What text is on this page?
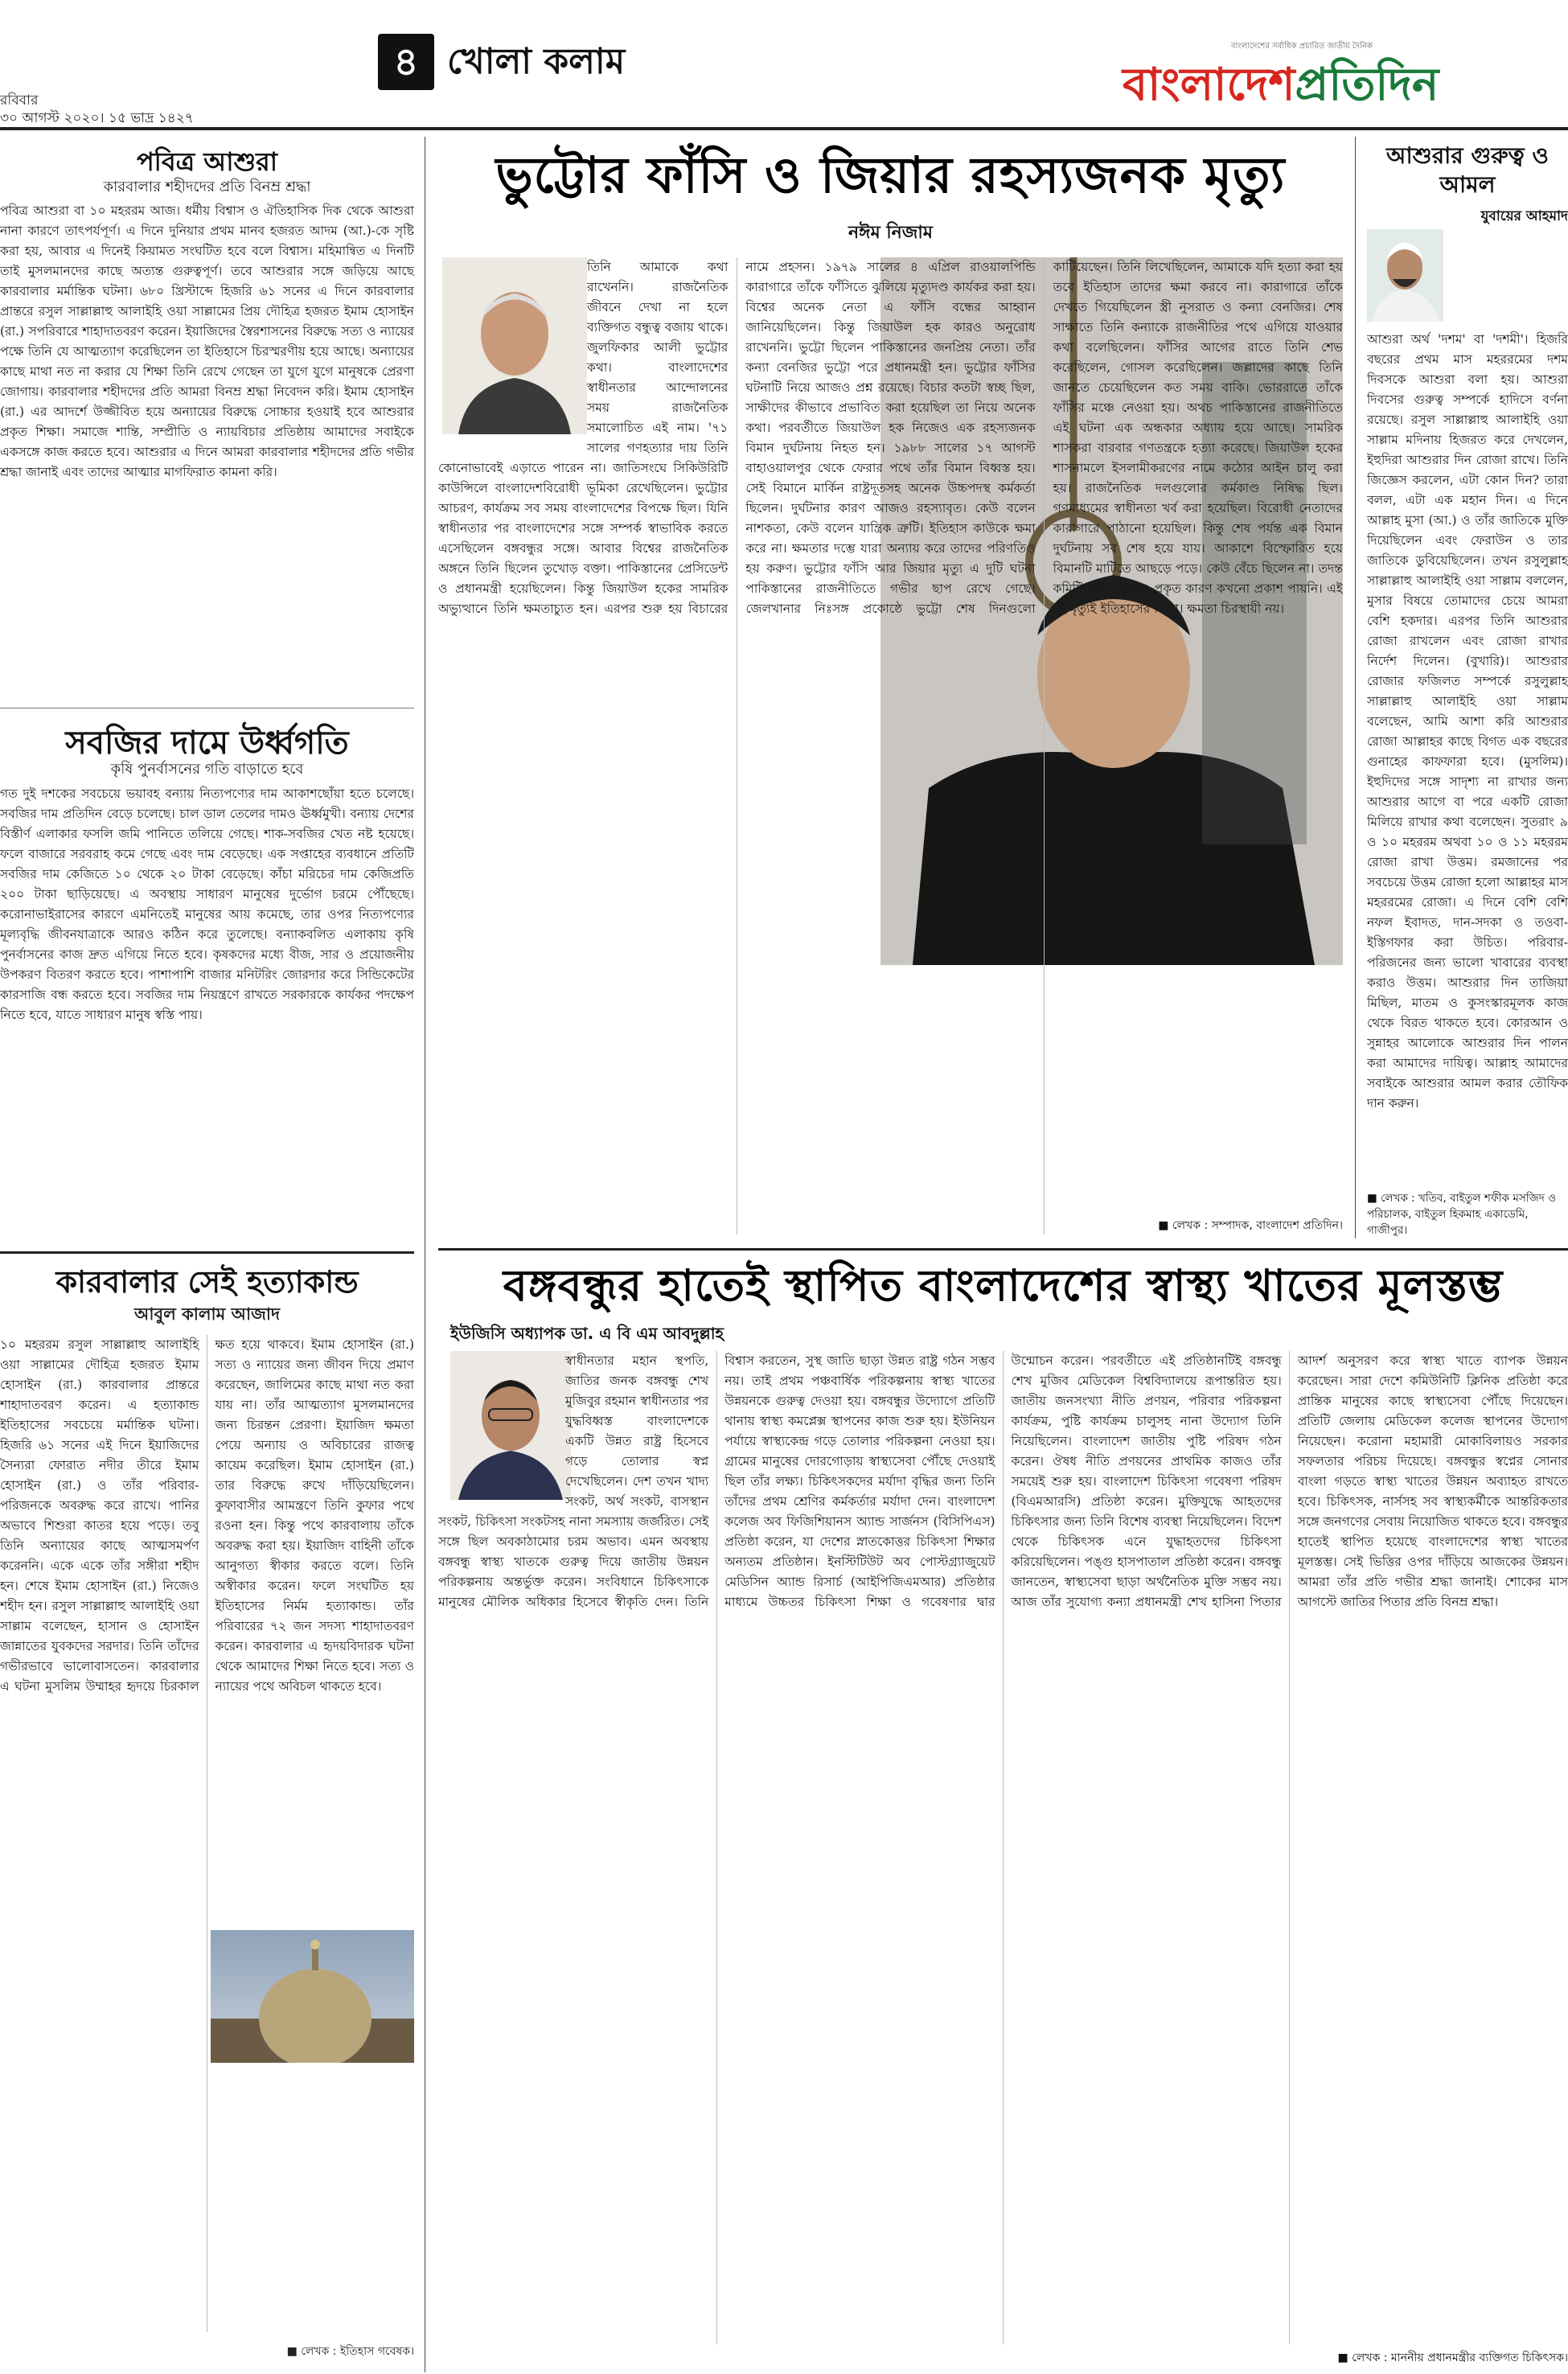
৪ খোলা কলাম
রবিবার
৩০ আগস্ট ২০২০। ১৫ ভাদ্র ১৪২৭
বাংলাদেশের সর্বাধিক প্রচারিত জাতীয় দৈনিক
বাংলাদেশপ্রতিদিন
পবিত্র আশুরা
কারবালার শহীদদের প্রতি বিনম্র শ্রদ্ধা
পবিত্র আশুরা বা ১০ মহররম আজ। ধর্মীয় বিশ্বাস ও ঐতিহাসিক দিক থেকে আশুরা নানা কারণে তাৎপর্যপূর্ণ। এ দিনে দুনিয়ার প্রথম মানব হজরত আদম (আ.)-কে সৃষ্টি করা হয়, আবার এ দিনেই কিয়ামত সংঘটিত হবে বলে বিশ্বাস। মহিমান্বিত এ দিনটি তাই মুসলমানদের কাছে অত্যন্ত গুরুত্বপূর্ণ। তবে আশুরার সঙ্গে জড়িয়ে আছে কারবালার মর্মান্তিক ঘটনা। ৬৮০ খ্রিস্টাব্দে হিজরি ৬১ সনের এ দিনে কারবালার প্রান্তরে রসুল সাল্লাল্লাহু আলাইহি ওয়া সাল্লামের প্রিয় দৌহিত্র হজরত ইমাম হোসাইন (রা.) সপরিবারে শাহাদাতবরণ করেন। ইয়াজিদের স্বৈরশাসনের বিরুদ্ধে সত্য ও ন্যায়ের পক্ষে তিনি যে আত্মত্যাগ করেছিলেন তা ইতিহাসে চিরস্মরণীয় হয়ে আছে। অন্যায়ের কাছে মাথা নত না করার যে শিক্ষা তিনি রেখে গেছেন তা যুগে যুগে মানুষকে প্রেরণা জোগায়। কারবালার শহীদদের প্রতি আমরা বিনম্র শ্রদ্ধা নিবেদন করি। ইমাম হোসাইন (রা.) এর আদর্শে উজ্জীবিত হয়ে অন্যায়ের বিরুদ্ধে সোচ্চার হওয়াই হবে আশুরার প্রকৃত শিক্ষা। সমাজে শান্তি, সম্প্রীতি ও ন্যায়বিচার প্রতিষ্ঠায় আমাদের সবাইকে একসঙ্গে কাজ করতে হবে। আশুরার এ দিনে আমরা কারবালার শহীদদের প্রতি গভীর শ্রদ্ধা জানাই এবং তাদের আত্মার মাগফিরাত কামনা করি।
সবজির দামে উর্ধ্বগতি
কৃষি পুনর্বাসনের গতি বাড়াতে হবে
গত দুই দশকের সবচেয়ে ভয়াবহ বন্যায় নিত্যপণ্যের দাম আকাশছোঁয়া হতে চলেছে। সবজির দাম প্রতিদিন বেড়ে চলেছে। চাল ডাল তেলের দামও ঊর্ধ্বমুখী। বন্যায় দেশের বিস্তীর্ণ এলাকার ফসলি জমি পানিতে তলিয়ে গেছে। শাক-সবজির খেত নষ্ট হয়েছে। ফলে বাজারে সরবরাহ কমে গেছে এবং দাম বেড়েছে। এক সপ্তাহের ব্যবধানে প্রতিটি সবজির দাম কেজিতে ১০ থেকে ২০ টাকা বেড়েছে। কাঁচা মরিচের দাম কেজিপ্রতি ২০০ টাকা ছাড়িয়েছে। এ অবস্থায় সাধারণ মানুষের দুর্ভোগ চরমে পৌঁছেছে। করোনাভাইরাসের কারণে এমনিতেই মানুষের আয় কমেছে, তার ওপর নিত্যপণ্যের মূল্যবৃদ্ধি জীবনযাত্রাকে আরও কঠিন করে তুলেছে। বন্যাকবলিত এলাকায় কৃষি পুনর্বাসনের কাজ দ্রুত এগিয়ে নিতে হবে। কৃষকদের মধ্যে বীজ, সার ও প্রয়োজনীয় উপকরণ বিতরণ করতে হবে। পাশাপাশি বাজার মনিটরিং জোরদার করে সিন্ডিকেটের কারসাজি বন্ধ করতে হবে। সবজির দাম নিয়ন্ত্রণে রাখতে সরকারকে কার্যকর পদক্ষেপ নিতে হবে, যাতে সাধারণ মানুষ স্বস্তি পায়।
কারবালার সেই হত্যাকান্ড
আবুল কালাম আজাদ
১০ মহররম রসুল সাল্লাল্লাহু আলাইহি ওয়া সাল্লামের দৌহিত্র হজরত ইমাম হোসাইন (রা.) কারবালার প্রান্তরে শাহাদাতবরণ করেন। এ হত্যাকান্ড ইতিহাসের সবচেয়ে মর্মান্তিক ঘটনা। হিজরি ৬১ সনের এই দিনে ইয়াজিদের সৈন্যরা ফোরাত নদীর তীরে ইমাম হোসাইন (রা.) ও তাঁর পরিবার-পরিজনকে অবরুদ্ধ করে রাখে। পানির অভাবে শিশুরা কাতর হয়ে পড়ে। তবু তিনি অন্যায়ের কাছে আত্মসমর্পণ করেননি। একে একে তাঁর সঙ্গীরা শহীদ হন। শেষে ইমাম হোসাইন (রা.) নিজেও শহীদ হন। রসুল সাল্লাল্লাহু আলাইহি ওয়া সাল্লাম বলেছেন, হাসান ও হোসাইন জান্নাতের যুবকদের সরদার। তিনি তাঁদের গভীরভাবে ভালোবাসতেন। কারবালার এ ঘটনা মুসলিম উম্মাহর হৃদয়ে চিরকাল ক্ষত হয়ে থাকবে। ইমাম হোসাইন (রা.) সত্য ও ন্যায়ের জন্য জীবন দিয়ে প্রমাণ করেছেন, জালিমের কাছে মাথা নত করা যায় না। তাঁর আত্মত্যাগ মুসলমানদের জন্য চিরন্তন প্রেরণা। ইয়াজিদ ক্ষমতা পেয়ে অন্যায় ও অবিচারের রাজত্ব কায়েম করেছিল। ইমাম হোসাইন (রা.) তার বিরুদ্ধে রুখে দাঁড়িয়েছিলেন। কুফাবাসীর আমন্ত্রণে তিনি কুফার পথে রওনা হন। কিন্তু পথে কারবালায় তাঁকে অবরুদ্ধ করা হয়। ইয়াজিদ বাহিনী তাঁকে আনুগত্য স্বীকার করতে বলে। তিনি অস্বীকার করেন। ফলে সংঘটিত হয় ইতিহাসের নির্মম হত্যাকান্ড। তাঁর পরিবারের ৭২ জন সদস্য শাহাদাতবরণ করেন। কারবালার এ হৃদয়বিদারক ঘটনা থেকে আমাদের শিক্ষা নিতে হবে। সত্য ও ন্যায়ের পথে অবিচল থাকতে হবে।
■ লেখক : ইতিহাস গবেষক।
ভুট্টোর ফাঁসি ও জিয়ার রহস্যজনক মৃত্যু
নঈম নিজাম
তিনি আমাকে কথা রাখেননি। রাজনৈতিক জীবনে দেখা না হলে ব্যক্তিগত বন্ধুত্ব বজায় থাকে। জুলফিকার আলী ভুট্টোর কথা। বাংলাদেশের স্বাধীনতার আন্দোলনের সময় রাজনৈতিক সমালোচিত এই নাম। '৭১ সালের গণহত্যার দায় তিনি কোনোভাবেই এড়াতে পারেন না। জাতিসংঘে সিকিউরিটি কাউন্সিলে বাংলাদেশবিরোধী ভূমিকা রেখেছিলেন। ভুট্টোর আচরণ, কার্যক্রম সব সময় বাংলাদেশের বিপক্ষে ছিল। যিনি স্বাধীনতার পর বাংলাদেশের সঙ্গে সম্পর্ক স্বাভাবিক করতে এসেছিলেন বঙ্গবন্ধুর সঙ্গে। আবার বিশ্বের রাজনৈতিক অঙ্গনে তিনি ছিলেন তুখোড় বক্তা। পাকিস্তানের প্রেসিডেন্ট ও প্রধানমন্ত্রী হয়েছিলেন। কিন্তু জিয়াউল হকের সামরিক অভ্যুত্থানে তিনি ক্ষমতাচ্যুত হন। এরপর শুরু হয় বিচারের নামে প্রহসন। ১৯৭৯ সালের ৪ এপ্রিল রাওয়ালপিন্ডি কারাগারে তাঁকে ফাঁসিতে ঝুলিয়ে মৃত্যুদণ্ড কার্যকর করা হয়। বিশ্বের অনেক নেতা এ ফাঁসি বন্ধের আহ্বান জানিয়েছিলেন। কিন্তু জিয়াউল হক কারও অনুরোধ রাখেননি। ভুট্টো ছিলেন পাকিস্তানের জনপ্রিয় নেতা। তাঁর কন্যা বেনজির ভুট্টো পরে প্রধানমন্ত্রী হন। ভুট্টোর ফাঁসির ঘটনাটি নিয়ে আজও প্রশ্ন রয়েছে। বিচার কতটা স্বচ্ছ ছিল, সাক্ষীদের কীভাবে প্রভাবিত করা হয়েছিল তা নিয়ে অনেক কথা। পরবর্তীতে জিয়াউল হক নিজেও এক রহস্যজনক বিমান দুর্ঘটনায় নিহত হন। ১৯৮৮ সালের ১৭ আগস্ট বাহাওয়ালপুর থেকে ফেরার পথে তাঁর বিমান বিধ্বস্ত হয়। সেই বিমানে মার্কিন রাষ্ট্রদূতসহ অনেক উচ্চপদস্থ কর্মকর্তা ছিলেন। দুর্ঘটনার কারণ আজও রহস্যাবৃত। কেউ বলেন নাশকতা, কেউ বলেন যান্ত্রিক ত্রুটি। ইতিহাস কাউকে ক্ষমা করে না। ক্ষমতার দম্ভে যারা অন্যায় করে তাদের পরিণতিও হয় করুণ। ভুট্টোর ফাঁসি আর জিয়ার মৃত্যু এ দুটি ঘটনা পাকিস্তানের রাজনীতিতে গভীর ছাপ রেখে গেছে। জেলখানার নিঃসঙ্গ প্রকোষ্ঠে ভুট্টো শেষ দিনগুলো কাটিয়েছেন। তিনি লিখেছিলেন, আমাকে যদি হত্যা করা হয় তবে ইতিহাস তাদের ক্ষমা করবে না। কারাগারে তাঁকে দেখতে গিয়েছিলেন স্ত্রী নুসরাত ও কন্যা বেনজির। শেষ সাক্ষাতে তিনি কন্যাকে রাজনীতির পথে এগিয়ে যাওয়ার কথা বলেছিলেন। ফাঁসির আগের রাতে তিনি শেভ করেছিলেন, গোসল করেছিলেন। জল্লাদের কাছে তিনি জানতে চেয়েছিলেন কত সময় বাকি। ভোররাতে তাঁকে ফাঁসির মঞ্চে নেওয়া হয়। অথচ পাকিস্তানের রাজনীতিতে এই ঘটনা এক অন্ধকার অধ্যায় হয়ে আছে। সামরিক শাসকরা বারবার গণতন্ত্রকে হত্যা করেছে। জিয়াউল হকের শাসনামলে ইসলামীকরণের নামে কঠোর আইন চালু করা হয়। রাজনৈতিক দলগুলোর কর্মকাণ্ড নিষিদ্ধ ছিল। গণমাধ্যমের স্বাধীনতা খর্ব করা হয়েছিল। বিরোধী নেতাদের কারাগারে পাঠানো হয়েছিল। কিন্তু শেষ পর্যন্ত এক বিমান দুর্ঘটনায় সব শেষ হয়ে যায়। আকাশে বিস্ফোরিত হয়ে বিমানটি মাটিতে আছড়ে পড়ে। কেউ বেঁচে ছিলেন না। তদন্ত কমিটি গঠিত হলেও প্রকৃত কারণ কখনো প্রকাশ পায়নি। এই দুই মৃত্যুই ইতিহাসের শিক্ষা। ক্ষমতা চিরস্থায়ী নয়।
■ লেখক : সম্পাদক, বাংলাদেশ প্রতিদিন।
আশুরার গুরুত্ব ও আমল
যুবায়ের আহমাদ
আশুরা অর্থ 'দশম' বা 'দশমী'। হিজরি বছরের প্রথম মাস মহররমের দশম দিবসকে আশুরা বলা হয়। আশুরা দিবসের গুরুত্ব সম্পর্কে হাদিসে বর্ণনা রয়েছে। রসুল সাল্লাল্লাহু আলাইহি ওয়া সাল্লাম মদিনায় হিজরত করে দেখলেন, ইহুদিরা আশুরার দিন রোজা রাখে। তিনি জিজ্ঞেস করলেন, এটা কোন দিন? তারা বলল, এটা এক মহান দিন। এ দিনে আল্লাহ মুসা (আ.) ও তাঁর জাতিকে মুক্তি দিয়েছিলেন এবং ফেরাউন ও তার জাতিকে ডুবিয়েছিলেন। তখন রসুলুল্লাহ সাল্লাল্লাহু আলাইহি ওয়া সাল্লাম বললেন, মুসার বিষয়ে তোমাদের চেয়ে আমরা বেশি হকদার। এরপর তিনি আশুরার রোজা রাখলেন এবং রোজা রাখার নির্দেশ দিলেন। (বুখারি)। আশুরার রোজার ফজিলত সম্পর্কে রসুলুল্লাহ সাল্লাল্লাহু আলাইহি ওয়া সাল্লাম বলেছেন, আমি আশা করি আশুরার রোজা আল্লাহর কাছে বিগত এক বছরের গুনাহের কাফফারা হবে। (মুসলিম)। ইহুদিদের সঙ্গে সাদৃশ্য না রাখার জন্য আশুরার আগে বা পরে একটি রোজা মিলিয়ে রাখার কথা বলেছেন। সুতরাং ৯ ও ১০ মহররম অথবা ১০ ও ১১ মহররম রোজা রাখা উত্তম। রমজানের পর সবচেয়ে উত্তম রোজা হলো আল্লাহর মাস মহররমের রোজা। এ দিনে বেশি বেশি নফল ইবাদত, দান-সদকা ও তওবা-ইস্তিগফার করা উচিত। পরিবার-পরিজনের জন্য ভালো খাবারের ব্যবস্থা করাও উত্তম। আশুরার দিন তাজিয়া মিছিল, মাতম ও কুসংস্কারমূলক কাজ থেকে বিরত থাকতে হবে। কোরআন ও সুন্নাহর আলোকে আশুরার দিন পালন করা আমাদের দায়িত্ব। আল্লাহ আমাদের সবাইকে আশুরার আমল করার তৌফিক দান করুন।
■ লেখক : খতিব, বাইতুল শফীক মসজিদ ও পরিচালক, বাইতুল হিকমাহ একাডেমি, গাজীপুর।
বঙ্গবন্ধুর হাতেই স্থাপিত বাংলাদেশের স্বাস্থ্য খাতের মূলস্তম্ভ
ইউজিসি অধ্যাপক ডা. এ বি এম আবদুল্লাহ
স্বাধীনতার মহান স্থপতি, জাতির জনক বঙ্গবন্ধু শেখ মুজিবুর রহমান স্বাধীনতার পর যুদ্ধবিধ্বস্ত বাংলাদেশকে একটি উন্নত রাষ্ট্র হিসেবে গড়ে তোলার স্বপ্ন দেখেছিলেন। দেশ তখন খাদ্য সংকট, অর্থ সংকট, বাসস্থান সংকট, চিকিৎসা সংকটসহ নানা সমস্যায় জর্জরিত। সেই সঙ্গে ছিল অবকাঠামোর চরম অভাব। এমন অবস্থায় বঙ্গবন্ধু স্বাস্থ্য খাতকে গুরুত্ব দিয়ে জাতীয় উন্নয়ন পরিকল্পনায় অন্তর্ভুক্ত করেন। সংবিধানে চিকিৎসাকে মানুষের মৌলিক অধিকার হিসেবে স্বীকৃতি দেন। তিনি বিশ্বাস করতেন, সুস্থ জাতি ছাড়া উন্নত রাষ্ট্র গঠন সম্ভব নয়। তাই প্রথম পঞ্চবার্ষিক পরিকল্পনায় স্বাস্থ্য খাতের উন্নয়নকে গুরুত্ব দেওয়া হয়। বঙ্গবন্ধুর উদ্যোগে প্রতিটি থানায় স্বাস্থ্য কমপ্লেক্স স্থাপনের কাজ শুরু হয়। ইউনিয়ন পর্যায়ে স্বাস্থ্যকেন্দ্র গড়ে তোলার পরিকল্পনা নেওয়া হয়। গ্রামের মানুষের দোরগোড়ায় স্বাস্থ্যসেবা পৌঁছে দেওয়াই ছিল তাঁর লক্ষ্য। চিকিৎসকদের মর্যাদা বৃদ্ধির জন্য তিনি তাঁদের প্রথম শ্রেণির কর্মকর্তার মর্যাদা দেন। বাংলাদেশ কলেজ অব ফিজিশিয়ানস অ্যান্ড সার্জনস (বিসিপিএস) প্রতিষ্ঠা করেন, যা দেশের স্নাতকোত্তর চিকিৎসা শিক্ষার অন্যতম প্রতিষ্ঠান। ইনস্টিটিউট অব পোস্টগ্র্যাজুয়েট মেডিসিন অ্যান্ড রিসার্চ (আইপিজিএমআর) প্রতিষ্ঠার মাধ্যমে উচ্চতর চিকিৎসা শিক্ষা ও গবেষণার দ্বার উন্মোচন করেন। পরবর্তীতে এই প্রতিষ্ঠানটিই বঙ্গবন্ধু শেখ মুজিব মেডিকেল বিশ্ববিদ্যালয়ে রূপান্তরিত হয়। জাতীয় জনসংখ্যা নীতি প্রণয়ন, পরিবার পরিকল্পনা কার্যক্রম, পুষ্টি কার্যক্রম চালুসহ নানা উদ্যোগ তিনি নিয়েছিলেন। বাংলাদেশ জাতীয় পুষ্টি পরিষদ গঠন করেন। ঔষধ নীতি প্রণয়নের প্রাথমিক কাজও তাঁর সময়েই শুরু হয়। বাংলাদেশ চিকিৎসা গবেষণা পরিষদ (বিএমআরসি) প্রতিষ্ঠা করেন। মুক্তিযুদ্ধে আহতদের চিকিৎসার জন্য তিনি বিশেষ ব্যবস্থা নিয়েছিলেন। বিদেশ থেকে চিকিৎসক এনে যুদ্ধাহতদের চিকিৎসা করিয়েছিলেন। পঙ্গু হাসপাতাল প্রতিষ্ঠা করেন। বঙ্গবন্ধু জানতেন, স্বাস্থ্যসেবা ছাড়া অর্থনৈতিক মুক্তি সম্ভব নয়। আজ তাঁর সুযোগ্য কন্যা প্রধানমন্ত্রী শেখ হাসিনা পিতার আদর্শ অনুসরণ করে স্বাস্থ্য খাতে ব্যাপক উন্নয়ন করেছেন। সারা দেশে কমিউনিটি ক্লিনিক প্রতিষ্ঠা করে প্রান্তিক মানুষের কাছে স্বাস্থ্যসেবা পৌঁছে দিয়েছেন। প্রতিটি জেলায় মেডিকেল কলেজ স্থাপনের উদ্যোগ নিয়েছেন। করোনা মহামারী মোকাবিলায়ও সরকার সফলতার পরিচয় দিয়েছে। বঙ্গবন্ধুর স্বপ্নের সোনার বাংলা গড়তে স্বাস্থ্য খাতের উন্নয়ন অব্যাহত রাখতে হবে। চিকিৎসক, নার্সসহ সব স্বাস্থ্যকর্মীকে আন্তরিকতার সঙ্গে জনগণের সেবায় নিয়োজিত থাকতে হবে। বঙ্গবন্ধুর হাতেই স্থাপিত হয়েছে বাংলাদেশের স্বাস্থ্য খাতের মূলস্তম্ভ। সেই ভিত্তির ওপর দাঁড়িয়ে আজকের উন্নয়ন। আমরা তাঁর প্রতি গভীর শ্রদ্ধা জানাই। শোকের মাস আগস্টে জাতির পিতার প্রতি বিনম্র শ্রদ্ধা।
■ লেখক : মাননীয় প্রধানমন্ত্রীর ব্যক্তিগত চিকিৎসক।
